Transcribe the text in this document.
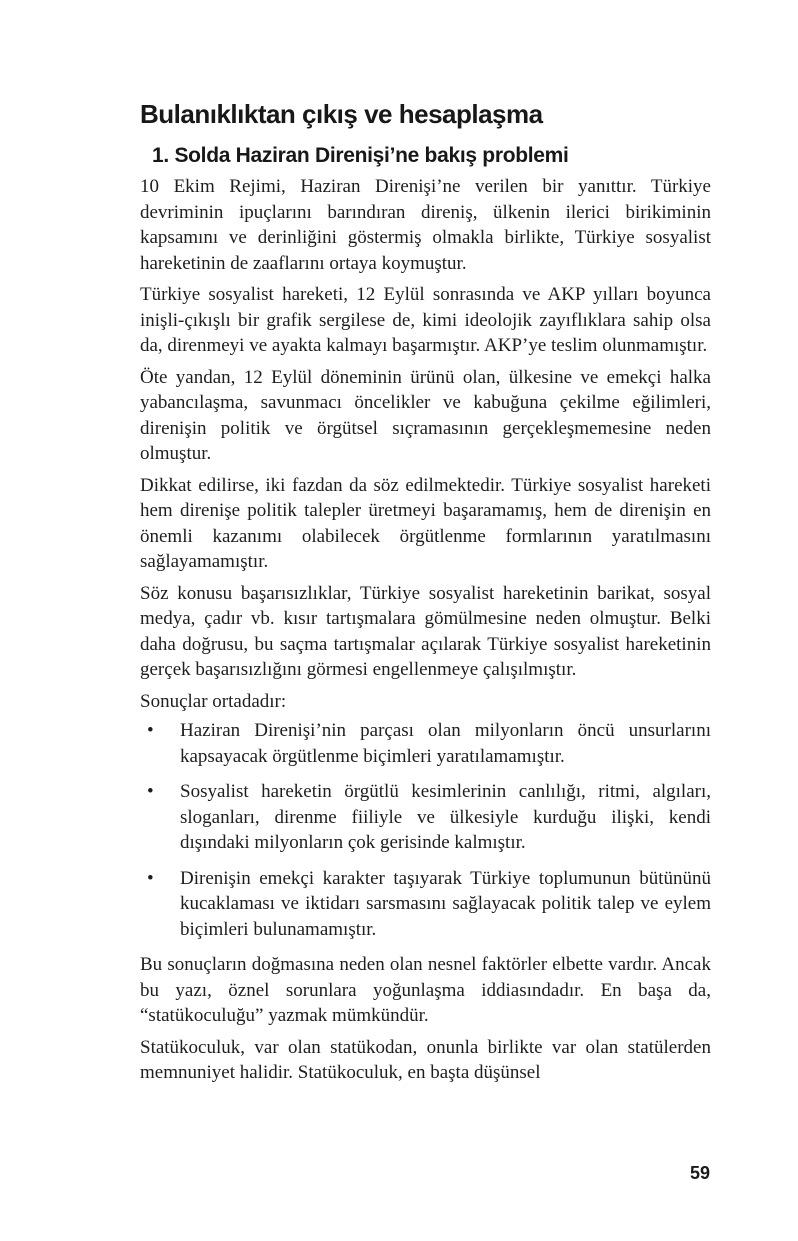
Bulanıklıktan çıkış ve hesaplaşma
1. Solda Haziran Direnişi’ne bakış problemi

10 Ekim Rejimi, Haziran Direnişi’ne verilen bir yanıttır. Türkiye devriminin ipuçlarını barındıran direniş, ülkenin ilerici birikiminin kapsamını ve derinliğini göstermiş olmakla birlikte, Türkiye sosyalist hareketinin de zaaflarını ortaya koymuştur.

Türkiye sosyalist hareketi, 12 Eylül sonrasında ve AKP yılları boyunca inişli-çıkışlı bir grafik sergilese de, kimi ideolojik zayıflıklara sahip olsa da, direnmeyi ve ayakta kalmayı başarmıştır. AKP’ye teslim olunmamıştır.

Öte yandan, 12 Eylül döneminin ürünü olan, ülkesine ve emekçi halka yabancılaşma, savunmacı öncelikler ve kabuğuna çekilme eğilimleri, direnişin politik ve örgütsel sıçramasının gerçekleşmemesine neden olmuştur.

Dikkat edilirse, iki fazdan da söz edilmektedir. Türkiye sosyalist hareketi hem direnişe politik talepler üretmeyi başaramamış, hem de direnişin en önemli kazanımı olabilecek örgütlenme formlarının yaratılmasını sağlayamamıştır.

Söz konusu başarısızlıklar, Türkiye sosyalist hareketinin barikat, sosyal medya, çadır vb. kısır tartışmalara gömülmesine neden olmuştur. Belki daha doğrusu, bu saçma tartışmalar açılarak Türkiye sosyalist hareketinin gerçek başarısızlığını görmesi engellenmeye çalışılmıştır.

Sonuçlar ortadadır:

•	Haziran Direnişi’nin parçası olan milyonların öncü unsurlarını kapsayacak örgütlenme biçimleri yaratılamamıştır.
•	Sosyalist hareketin örgütlü kesimlerinin canlılığı, ritmi, algıları, sloganları, direnme fiiliyle ve ülkesiyle kurduğu ilişki, kendi dışındaki milyonların çok gerisinde kalmıştır.
•	Direnişin emekçi karakter taşıyarak Türkiye toplumunun bütününü kucaklaması ve iktidarı sarsmasını sağlayacak politik talep ve eylem biçimleri bulunamamıştır.

Bu sonuçların doğmasına neden olan nesnel faktörler elbette vardır. Ancak bu yazı, öznel sorunlara yoğunlaşma iddiasındadır. En başa da, “statükoculuğu” yazmak mümkündür.

Statükoculuk, var olan statükodan, onunla birlikte var olan statülerden memnuniyet halidir. Statükoculuk, en başta düşünsel

59
